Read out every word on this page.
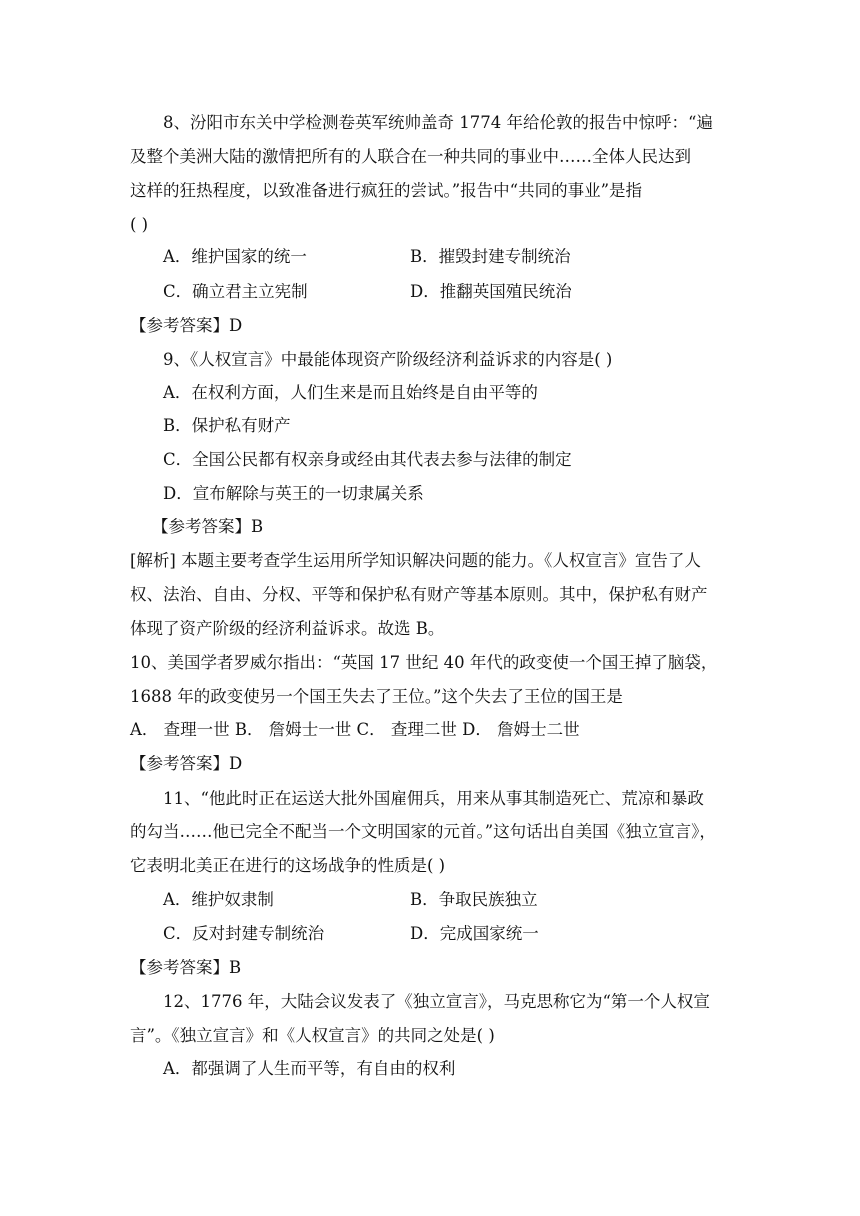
8、汾阳市东关中学检测卷英军统帅盖奇 1774 年给伦敦的报告中惊呼：“遍
及整个美洲大陆的激情把所有的人联合在一种共同的事业中……全体人民达到
这样的狂热程度，以致准备进行疯狂的尝试。”报告中“共同的事业”是指
( )
A．维护国家的统一	B．摧毁封建专制统治
C．确立君主立宪制	D．推翻英国殖民统治
【参考答案】D
9、《人权宣言》中最能体现资产阶级经济利益诉求的内容是( )
A．在权利方面，人们生来是而且始终是自由平等的
B．保护私有财产
C．全国公民都有权亲身或经由其代表去参与法律的制定
D．宣布解除与英王的一切隶属关系
【参考答案】B
[解析] 本题主要考查学生运用所学知识解决问题的能力。《人权宣言》宣告了人
权、法治、自由、分权、平等和保护私有财产等基本原则。其中，保护私有财产
体现了资产阶级的经济利益诉求。故选 B。
10、美国学者罗威尔指出：“英国 17 世纪 40 年代的政变使一个国王掉了脑袋，
1688 年的政变使另一个国王失去了王位。”这个失去了王位的国王是
A． 查理一世 B． 詹姆士一世 C． 查理二世 D． 詹姆士二世
【参考答案】D
11、“他此时正在运送大批外国雇佣兵，用来从事其制造死亡、荒凉和暴政
的勾当……他已完全不配当一个文明国家的元首。”这句话出自美国《独立宣言》，
它表明北美正在进行的这场战争的性质是( )
A．维护奴隶制	B．争取民族独立
C．反对封建专制统治	D．完成国家统一
【参考答案】B
12、1776 年，大陆会议发表了《独立宣言》，马克思称它为“第一个人权宣
言”。《独立宣言》和《人权宣言》的共同之处是( )
A．都强调了人生而平等，有自由的权利
